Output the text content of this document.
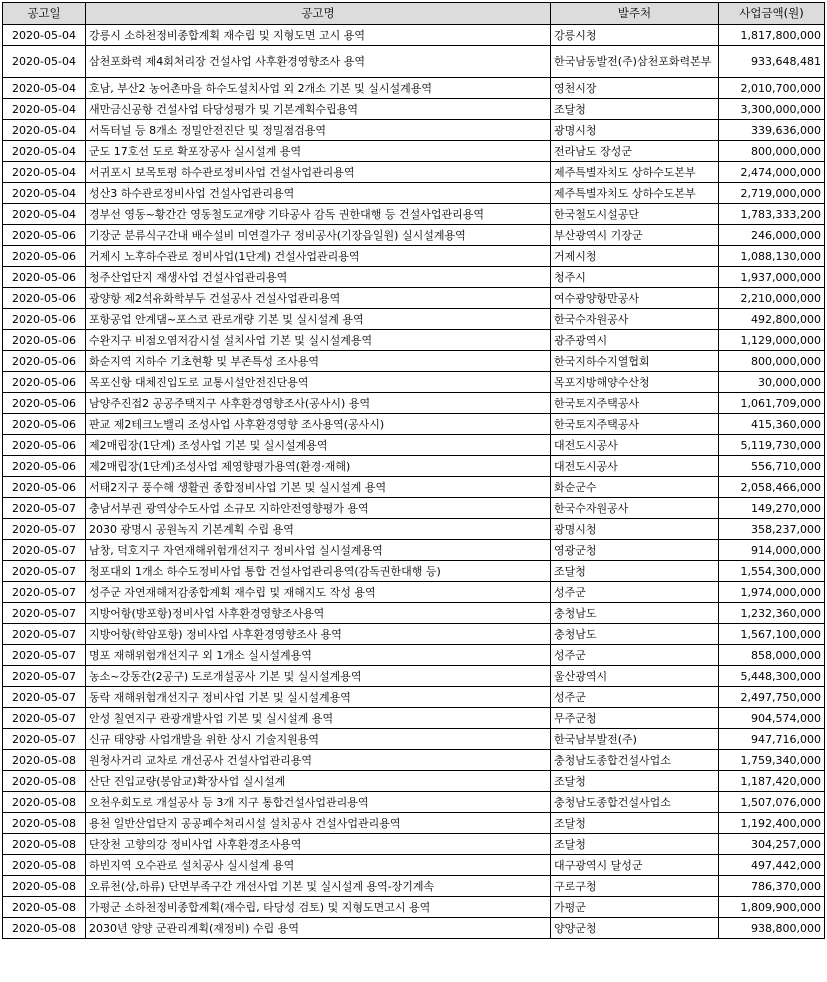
공고일	공고명	발주처	사업금액(원)
2020-05-04	강릉시 소하천정비종합계획 재수립 및 지형도면 고시 용역	강릉시청	1,817,800,000
2020-05-04	삼천포화력 제4회처리장 건설사업 사후환경영향조사 용역	한국남동발전(주)삼천포화력본부	933,648,481
2020-05-04	호남, 부산2 농어촌마을 하수도설치사업 외 2개소 기본 및 실시설계용역	영천시장	2,010,700,000
2020-05-04	새만금신공항 건설사업 타당성평가 및 기본계획수립용역	조달청	3,300,000,000
2020-05-04	서독터널 등 8개소 정밀안전진단 및 정밀점검용역	광명시청	339,636,000
2020-05-04	군도 17호선 도로 확포장공사 실시설계 용역	전라남도 장성군	800,000,000
2020-05-04	서귀포시 보목토평 하수관로정비사업 건설사업관리용역	제주특별자치도 상하수도본부	2,474,000,000
2020-05-04	성산3 하수관로정비사업 건설사업관리용역	제주특별자치도 상하수도본부	2,719,000,000
2020-05-04	경부선 영동~황간간 영동철도교개량 기타공사 감독 권한대행 등 건설사업관리용역	한국철도시설공단	1,783,333,200
2020-05-06	기장군 분류식구간내 배수설비 미연결가구 정비공사(기장읍일원) 실시설계용역	부산광역시 기장군	246,000,000
2020-05-06	거제시 노후하수관로 정비사업(1단계) 건설사업관리용역	거제시청	1,088,130,000
2020-05-06	청주산업단지 재생사업 건설사업관리용역	청주시	1,937,000,000
2020-05-06	광양항 제2석유화학부두 건설공사 건설사업관리용역	여수광양항만공사	2,210,000,000
2020-05-06	포항공업 안계댐~포스코 관로개량 기본 및 실시설계 용역	한국수자원공사	492,800,000
2020-05-06	수완지구 비점오염저감시설 설치사업 기본 및 실시설계용역	광주광역시	1,129,000,000
2020-05-06	화순지역 지하수 기초현황 및 부존특성 조사용역	한국지하수지열협회	800,000,000
2020-05-06	목포신항 대체진입도로 교통시설안전진단용역	목포지방해양수산청	30,000,000
2020-05-06	남양주진접2 공공주택지구 사후환경영향조사(공사시) 용역	한국토지주택공사	1,061,709,000
2020-05-06	판교 제2테크노밸리 조성사업 사후환경영향 조사용역(공사시)	한국토지주택공사	415,360,000
2020-05-06	제2매립장(1단계) 조성사업 기본 및 실시설계용역	대전도시공사	5,119,730,000
2020-05-06	제2매립장(1단계)조성사업 제영향평가용역(환경·재해)	대전도시공사	556,710,000
2020-05-06	서태2지구 풍수해 생활권 종합정비사업 기본 및 실시설계 용역	화순군수	2,058,466,000
2020-05-07	충남서부권 광역상수도사업 소규모 지하안전영향평가 용역	한국수자원공사	149,270,000
2020-05-07	2030 광명시 공원녹지 기본계획 수립 용역	광명시청	358,237,000
2020-05-07	남창, 덕호지구 자연재해위험개선지구 정비사업 실시설계용역	영광군청	914,000,000
2020-05-07	청포대외 1개소 하수도정비사업 통합 건설사업관리용역(감독권한대행 등)	조달청	1,554,300,000
2020-05-07	성주군 자연재해저감종합계획 재수립 및 재해지도 작성 용역	성주군	1,974,000,000
2020-05-07	지방어항(방포항)정비사업 사후환경영향조사용역	충청남도	1,232,360,000
2020-05-07	지방어항(학암포항) 정비사업 사후환경영향조사 용역	충청남도	1,567,100,000
2020-05-07	명포 재해위험개선지구 외 1개소 실시설계용역	성주군	858,000,000
2020-05-07	농소~강동간(2공구) 도로개설공사 기본 및 실시설계용역	울산광역시	5,448,300,000
2020-05-07	동락 재해위험개선지구 정비사업 기본 및 실시설계용역	성주군	2,497,750,000
2020-05-07	안성 칠연지구 관광개발사업 기본 및 실시설계 용역	무주군청	904,574,000
2020-05-07	신규 태양광 사업개발을 위한 상시 기술지원용역	한국남부발전(주)	947,716,000
2020-05-08	원청사거리 교차로 개선공사 건설사업관리용역	충청남도종합건설사업소	1,759,340,000
2020-05-08	산단 진입교량(봉암교)확장사업 실시설계	조달청	1,187,420,000
2020-05-08	오천우회도로 개설공사 등 3개 지구 통합건설사업관리용역	충청남도종합건설사업소	1,507,076,000
2020-05-08	용천 일반산업단지 공공폐수처리시설 설치공사 건설사업관리용역	조달청	1,192,400,000
2020-05-08	단장천 고향의강 정비사업 사후환경조사용역	조달청	304,257,000
2020-05-08	하빈지역 오수관로 설치공사 실시설계 용역	대구광역시 달성군	497,442,000
2020-05-08	오류천(상,하류) 단면부족구간 개선사업 기본 및 실시설계 용역-장기계속	구로구청	786,370,000
2020-05-08	가평군 소하천정비종합계획(재수립, 타당성 검토) 및 지형도면고시 용역	가평군	1,809,900,000
2020-05-08	2030년 양양 군관리계획(재정비) 수립 용역	양양군청	938,800,000
